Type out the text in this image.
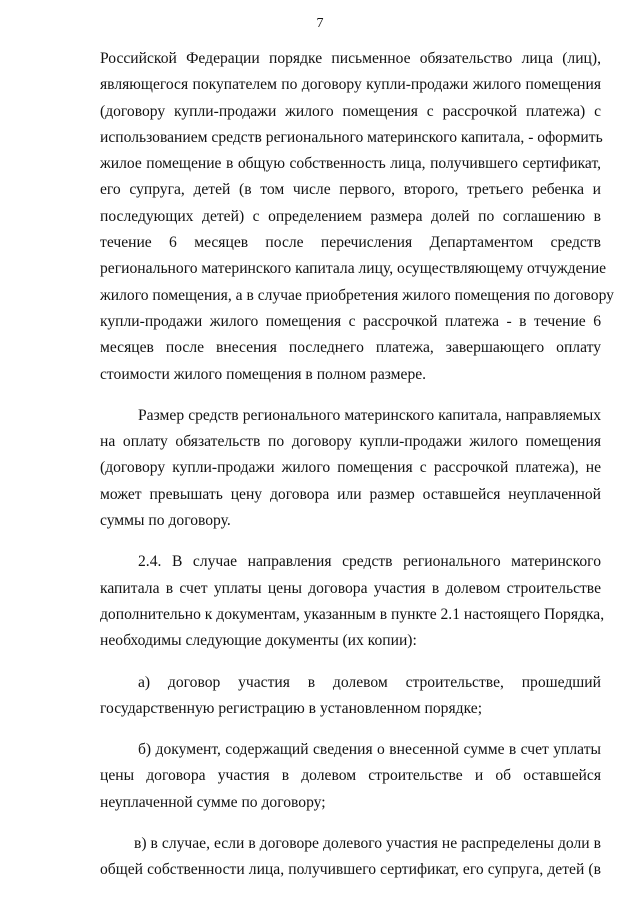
7

Российской Федерации порядке письменное обязательство лица (лиц),
являющегося покупателем по договору купли-продажи жилого помещения
(договору купли-продажи жилого помещения с рассрочкой платежа) с
использованием средств регионального материнского капитала, - оформить
жилое помещение в общую собственность лица, получившего сертификат,
его супруга, детей (в том числе первого, второго, третьего ребенка и
последующих детей) с определением размера долей по соглашению в
течение 6 месяцев после перечисления Департаментом средств
регионального материнского капитала лицу, осуществляющему отчуждение
жилого помещения, а в случае приобретения жилого помещения по договору
купли-продажи жилого помещения с рассрочкой платежа - в течение 6
месяцев после внесения последнего платежа, завершающего оплату
стоимости жилого помещения в полном размере.

Размер средств регионального материнского капитала, направляемых
на оплату обязательств по договору купли-продажи жилого помещения
(договору купли-продажи жилого помещения с рассрочкой платежа), не
может превышать цену договора или размер оставшейся неуплаченной
суммы по договору.

2.4. В случае направления средств регионального материнского
капитала в счет уплаты цены договора участия в долевом строительстве
дополнительно к документам, указанным в пункте 2.1 настоящего Порядка,
необходимы следующие документы (их копии):

а) договор участия в долевом строительстве, прошедший
государственную регистрацию в установленном порядке;

б) документ, содержащий сведения о внесенной сумме в счет уплаты
цены договора участия в долевом строительстве и об оставшейся
неуплаченной сумме по договору;

в) в случае, если в договоре долевого участия не распределены доли в
общей собственности лица, получившего сертификат, его супруга, детей (в
